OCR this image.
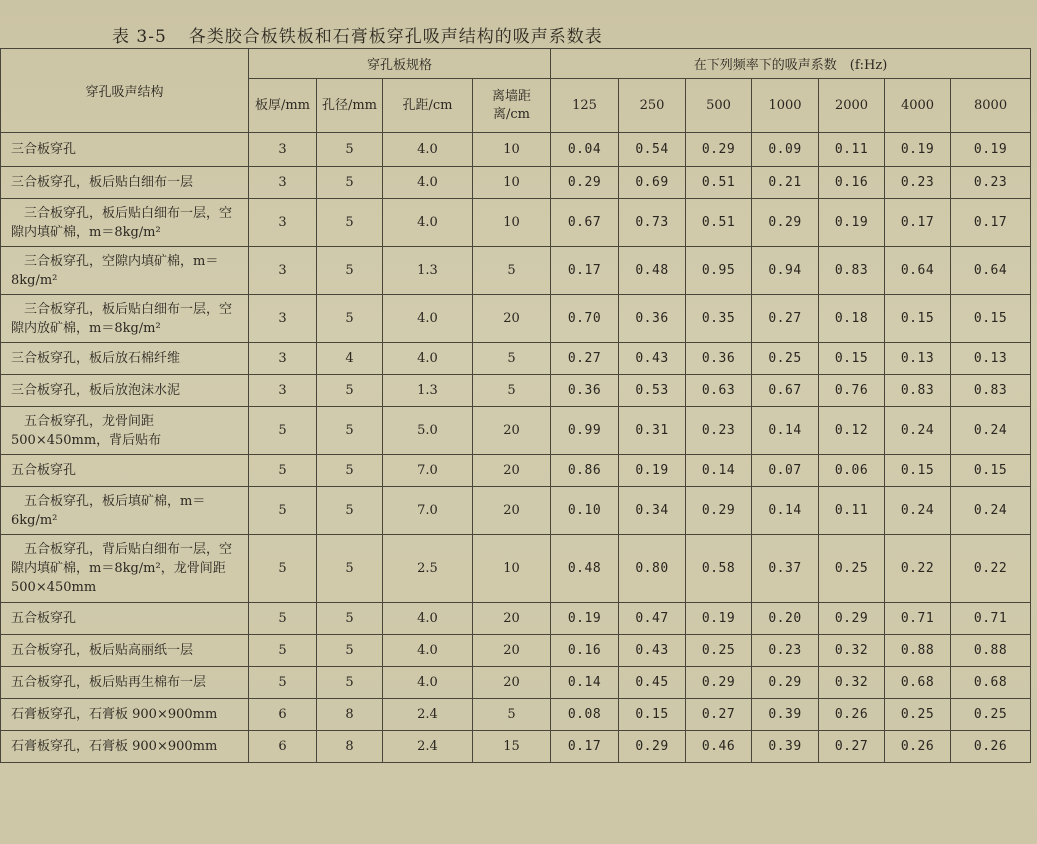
表 3-5 各类胶合板铁板和石膏板穿孔吸声结构的吸声系数表
穿孔吸声结构	穿孔板规格				在下列频率下的吸声系数　(f:Hz)						
	板厚/mm	孔径/mm	孔距/cm	离墙距离/cm	125	250	500	1000	2000	4000	8000
三合板穿孔	3	5	4.0	10	0.04	0.54	0.29	0.09	0.11	0.19	0.19
三合板穿孔，板后贴白细布一层	3	5	4.0	10	0.29	0.69	0.51	0.21	0.16	0.23	0.23
　三合板穿孔，板后贴白细布一层，空隙内填矿棉，m＝8kg/m²	3	5	4.0	10	0.67	0.73	0.51	0.29	0.19	0.17	0.17
　三合板穿孔，空隙内填矿棉，m＝8kg/m²	3	5	1.3	5	0.17	0.48	0.95	0.94	0.83	0.64	0.64
　三合板穿孔，板后贴白细布一层，空隙内放矿棉，m＝8kg/m²	3	5	4.0	20	0.70	0.36	0.35	0.27	0.18	0.15	0.15
三合板穿孔，板后放石棉纤维	3	4	4.0	5	0.27	0.43	0.36	0.25	0.15	0.13	0.13
三合板穿孔，板后放泡沫水泥	3	5	1.3	5	0.36	0.53	0.63	0.67	0.76	0.83	0.83
　五合板穿孔，龙骨间距 500×450mm，背后贴布	5	5	5.0	20	0.99	0.31	0.23	0.14	0.12	0.24	0.24
五合板穿孔	5	5	7.0	20	0.86	0.19	0.14	0.07	0.06	0.15	0.15
　五合板穿孔，板后填矿棉，m＝6kg/m²	5	5	7.0	20	0.10	0.34	0.29	0.14	0.11	0.24	0.24
　五合板穿孔，背后贴白细布一层，空隙内填矿棉，m＝8kg/m²，龙骨间距 500×450mm	5	5	2.5	10	0.48	0.80	0.58	0.37	0.25	0.22	0.22
五合板穿孔	5	5	4.0	20	0.19	0.47	0.19	0.20	0.29	0.71	0.71
五合板穿孔，板后贴高丽纸一层	5	5	4.0	20	0.16	0.43	0.25	0.23	0.32	0.88	0.88
五合板穿孔，板后贴再生棉布一层	5	5	4.0	20	0.14	0.45	0.29	0.29	0.32	0.68	0.68
石膏板穿孔，石膏板 900×900mm	6	8	2.4	5	0.08	0.15	0.27	0.39	0.26	0.25	0.25
石膏板穿孔，石膏板 900×900mm	6	8	2.4	15	0.17	0.29	0.46	0.39	0.27	0.26	0.26
